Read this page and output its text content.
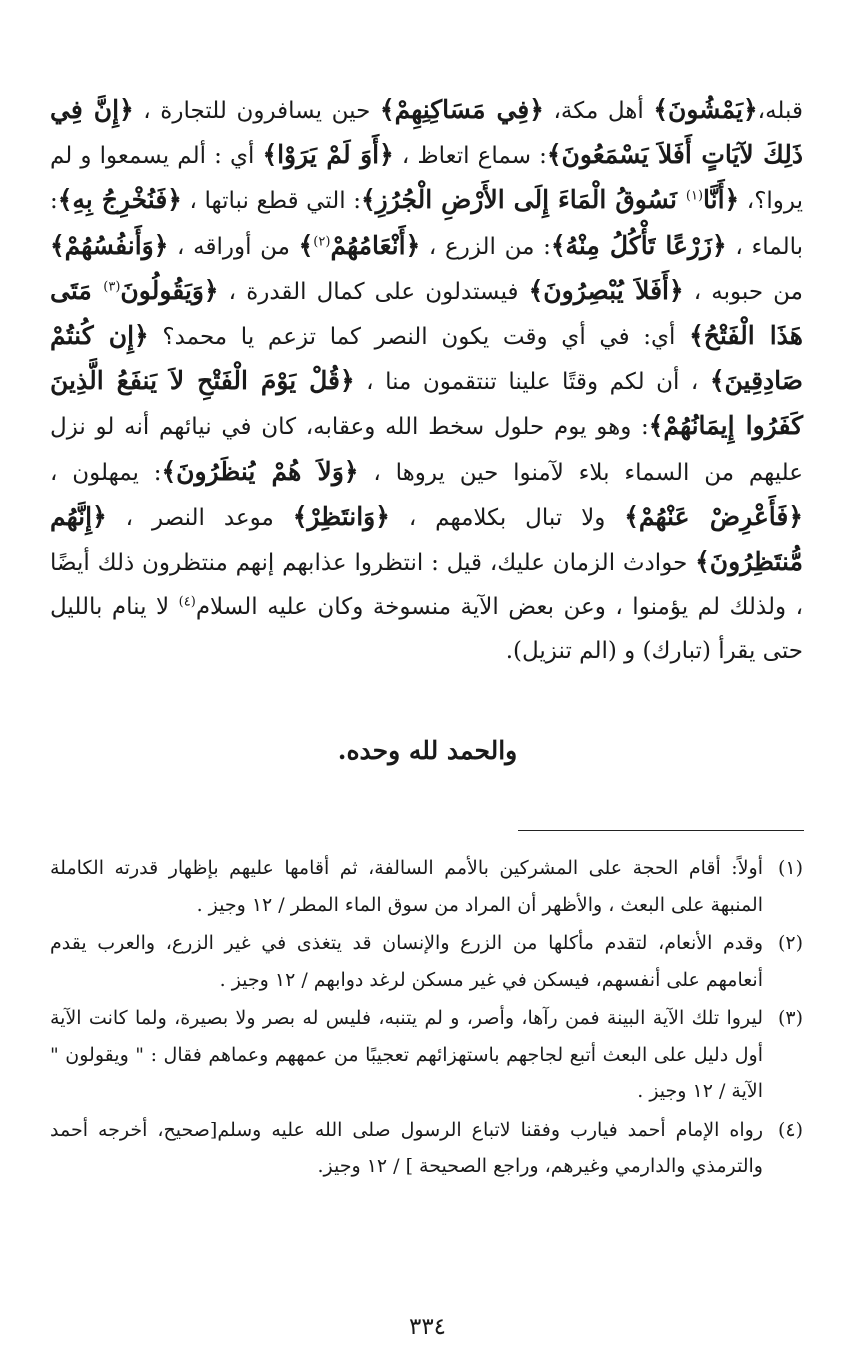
قبله،﴿يَمْشُونَ﴾ أهل مكة، ﴿فِي مَسَاكِنِهِمْ﴾ حين يسافرون للتجارة ، ﴿إِنَّ فِي ذَلِكَ لآيَاتٍ أَفَلاَ يَسْمَعُونَ﴾: سماع اتعاظ ، ﴿أَوَ لَمْ يَرَوْا﴾ أي : ألم يسمعوا و لم يروا؟، ﴿أَنَّا$^{(١)}$ نَسُوقُ الْمَاءَ إِلَى الأَرْضِ الْجُرُزِ﴾: التي قطع نباتها ، ﴿فَنُخْرِجُ بِهِ﴾: بالماء ، ﴿زَرْعًا تَأْكُلُ مِنْهُ﴾: من الزرع ، ﴿أَنْعَامُهُمْ$^{(٢)}$﴾ من أوراقه ، ﴿وَأَنفُسُهُمْ﴾ من حبوبه ، ﴿أَفَلاَ يُبْصِرُونَ﴾ فيستدلون على كمال القدرة ، ﴿وَيَقُولُونَ$^{(٣)}$ مَتَى هَذَا الْفَتْحُ﴾ أي: في أي وقت يكون النصر كما تزعم يا محمد؟ ﴿إِن كُنتُمْ صَادِقِينَ﴾ ، أن لكم وقتًا علينا تنتقمون منا ، ﴿قُلْ يَوْمَ الْفَتْحِ لاَ يَنفَعُ الَّذِينَ كَفَرُوا إِيمَانُهُمْ﴾: وهو يوم حلول سخط الله وعقابه، كان في نيائهم أنه لو نزل عليهم من السماء بلاء لآمنوا حين يروها ، ﴿وَلاَ هُمْ يُنظَرُونَ﴾: يمهلون ، ﴿فَأَعْرِضْ عَنْهُمْ﴾ ولا تبال بكلامهم ، ﴿وَانتَظِرْ﴾ موعد النصر ، ﴿إِنَّهُم مُّنتَظِرُونَ﴾ حوادث الزمان عليك، قيل : انتظروا عذابهم إنهم منتظرون ذلك أيضًا ، ولذلك لم يؤمنوا ، وعن بعض الآية منسوخة وكان عليه السلام$^{(٤)}$ لا ينام بالليل حتى يقرأ (تبارك) و (الم تنزيل).

والحمد لله وحده.

(١)
أولاً: أقام الحجة على المشركين بالأمم السالفة، ثم أقامها عليهم بإظهار قدرته الكاملة المنبهة على البعث ، والأظهر أن المراد من سوق الماء المطر / ١٢ وجيز .

(٢)
وقدم الأنعام، لتقدم مأكلها من الزرع والإنسان قد يتغذى في غير الزرع، والعرب يقدم أنعامهم على أنفسهم، فيسكن في غير مسكن لرغد دوابهم / ١٢ وجيز .

(٣)
ليروا تلك الآية البينة فمن رآها، وأصر، و لم يتنبه، فليس له بصر ولا بصيرة، ولما كانت الآية أول دليل على البعث أتبع لجاجهم باستهزائهم تعجيبًا من عمههم وعماهم فقال : " ويقولون " الآية / ١٢ وجيز .

(٤)
رواه الإمام أحمد فيارب وفقنا لاتباع الرسول صلى الله عليه وسلم[صحيح، أخرجه أحمد والترمذي والدارمي وغيرهم، وراجع الصحيحة ] / ١٢ وجيز.

٣٣٤
